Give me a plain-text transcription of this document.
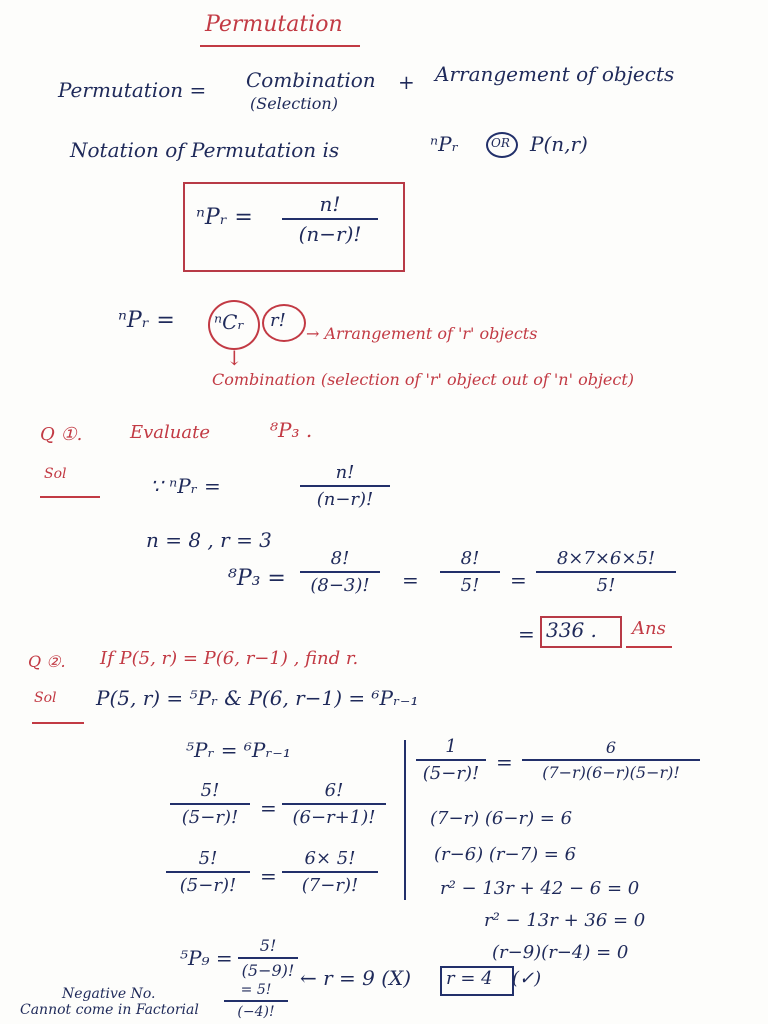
Permutation
Permutation = Combination
(Selection)
+ Arrangement of objects
Notation of Permutation is	ⁿPᵣ	OR P(n,r)
ⁿPᵣ =
n!
(n−r)!
ⁿPᵣ = ⁿCᵣ r!
→ Arrangement of 'r' objects
↓
Combination (selection of 'r' object out of 'n' object)
Q ①.	Evaluate	⁸P₃ .
Sol	∵ ⁿPᵣ =
n!
(n−r)!
n = 8 , r = 3
⁸P₃ =
8!
(8−3)!	=
8!
5!	=
8×7×6×5!
5!
= 336 . Ans
Q ②. If P(5, r) = P(6, r−1) , find r.
Sol P(5, r) = ⁵Pᵣ & P(6, r−1) = ⁶Pᵣ₋₁
⁵Pᵣ = ⁶Pᵣ₋₁
5!
(5−r)!	=
6!
(6−r+1)!
5!
(5−r)!	=
6× 5!
(7−r)!
1
(5−r)! =
6
(7−r)(6−r)(5−r)!
(7−r) (6−r) = 6
(r−6) (r−7) = 6
r² − 13r + 42 − 6 = 0
r² − 13r + 36 = 0
(r−9)(r−4) = 0
⁵P₉ =
5!
(5−9)! ← r = 9 (X) r = 4 (✓)
= 5!
(−4)!
Negative No.
Cannot come in Factorial
